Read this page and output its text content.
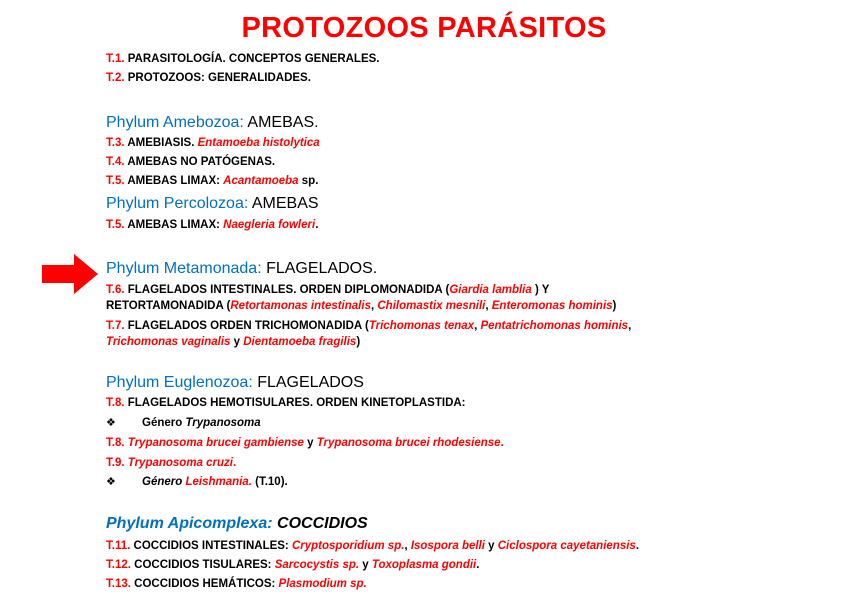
PROTOZOOS PARÁSITOS
T.1. PARASITOLOGÍA. CONCEPTOS GENERALES.
T.2. PROTOZOOS: GENERALIDADES.
Phylum Amebozoa: AMEBAS.
T.3. AMEBIASIS. Entamoeba histolytica
T.4. AMEBAS NO PATÓGENAS.
T.5. AMEBAS LIMAX: Acantamoeba sp.
Phylum Percolozoa: AMEBAS
T.5. AMEBAS LIMAX: Naegleria fowleri.
Phylum Metamonada: FLAGELADOS.
T.6. FLAGELADOS INTESTINALES. ORDEN DIPLOMONADIDA (Giardia lamblia ) Y
RETORTAMONADIDA (Retortamonas intestinalis, Chilomastix mesnili, Enteromonas hominis)
T.7. FLAGELADOS ORDEN TRICHOMONADIDA (Trichomonas tenax, Pentatrichomonas hominis,
Trichomonas vaginalis y Dientamoeba fragilis)
Phylum Euglenozoa: FLAGELADOS
T.8. FLAGELADOS HEMOTISULARES. ORDEN KINETOPLASTIDA:
❖ Género Trypanosoma
T.8. Trypanosoma brucei gambiense y Trypanosoma brucei rhodesiense.
T.9. Trypanosoma cruzi.
❖ Género Leishmania. (T.10).
Phylum Apicomplexa: COCCIDIOS
T.11. COCCIDIOS INTESTINALES: Cryptosporidium sp., Isospora belli y Ciclospora cayetaniensis.
T.12. COCCIDIOS TISULARES: Sarcocystis sp. y Toxoplasma gondii.
T.13. COCCIDIOS HEMÁTICOS: Plasmodium sp.
